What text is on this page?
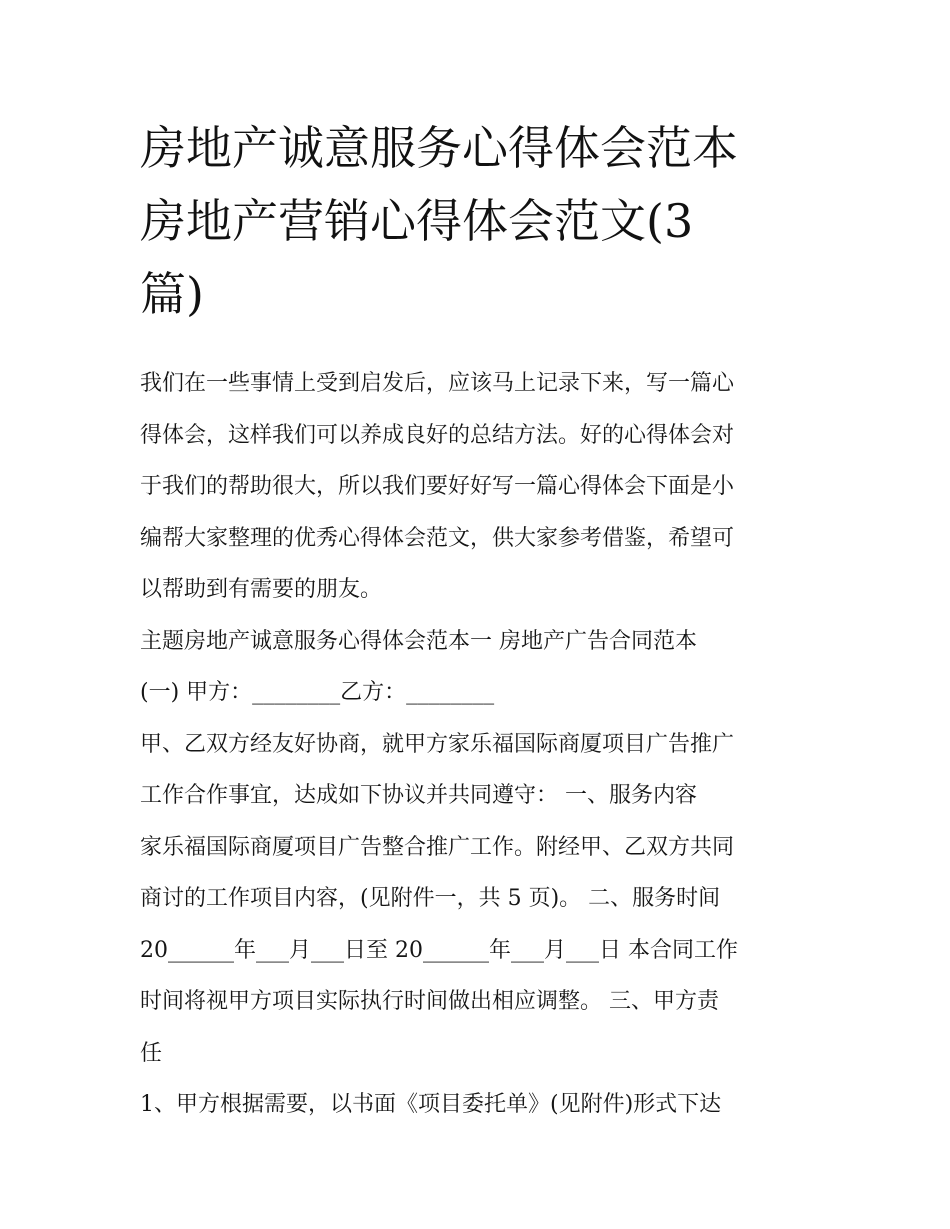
房地产诚意服务心得体会范本
房地产营销心得体会范文(3
篇)

我们在一些事情上受到启发后，应该马上记录下来，写一篇心
得体会，这样我们可以养成良好的总结方法。好的心得体会对
于我们的帮助很大，所以我们要好好写一篇心得体会下面是小
编帮大家整理的优秀心得体会范文，供大家参考借鉴，希望可
以帮助到有需要的朋友。

主题房地产诚意服务心得体会范本一 房地产广告合同范本

(一) 甲方：________乙方：________

甲、乙双方经友好协商，就甲方家乐福国际商厦项目广告推广
工作合作事宜，达成如下协议并共同遵守： 一、服务内容
家乐福国际商厦项目广告整合推广工作。附经甲、乙双方共同
商讨的工作项目内容，(见附件一，共 5 页)。 二、服务时间
20______年___月___日至 20______年___月___日 本合同工作
时间将视甲方项目实际执行时间做出相应调整。 三、甲方责
任

1、甲方根据需要，以书面《项目委托单》(见附件)形式下达
